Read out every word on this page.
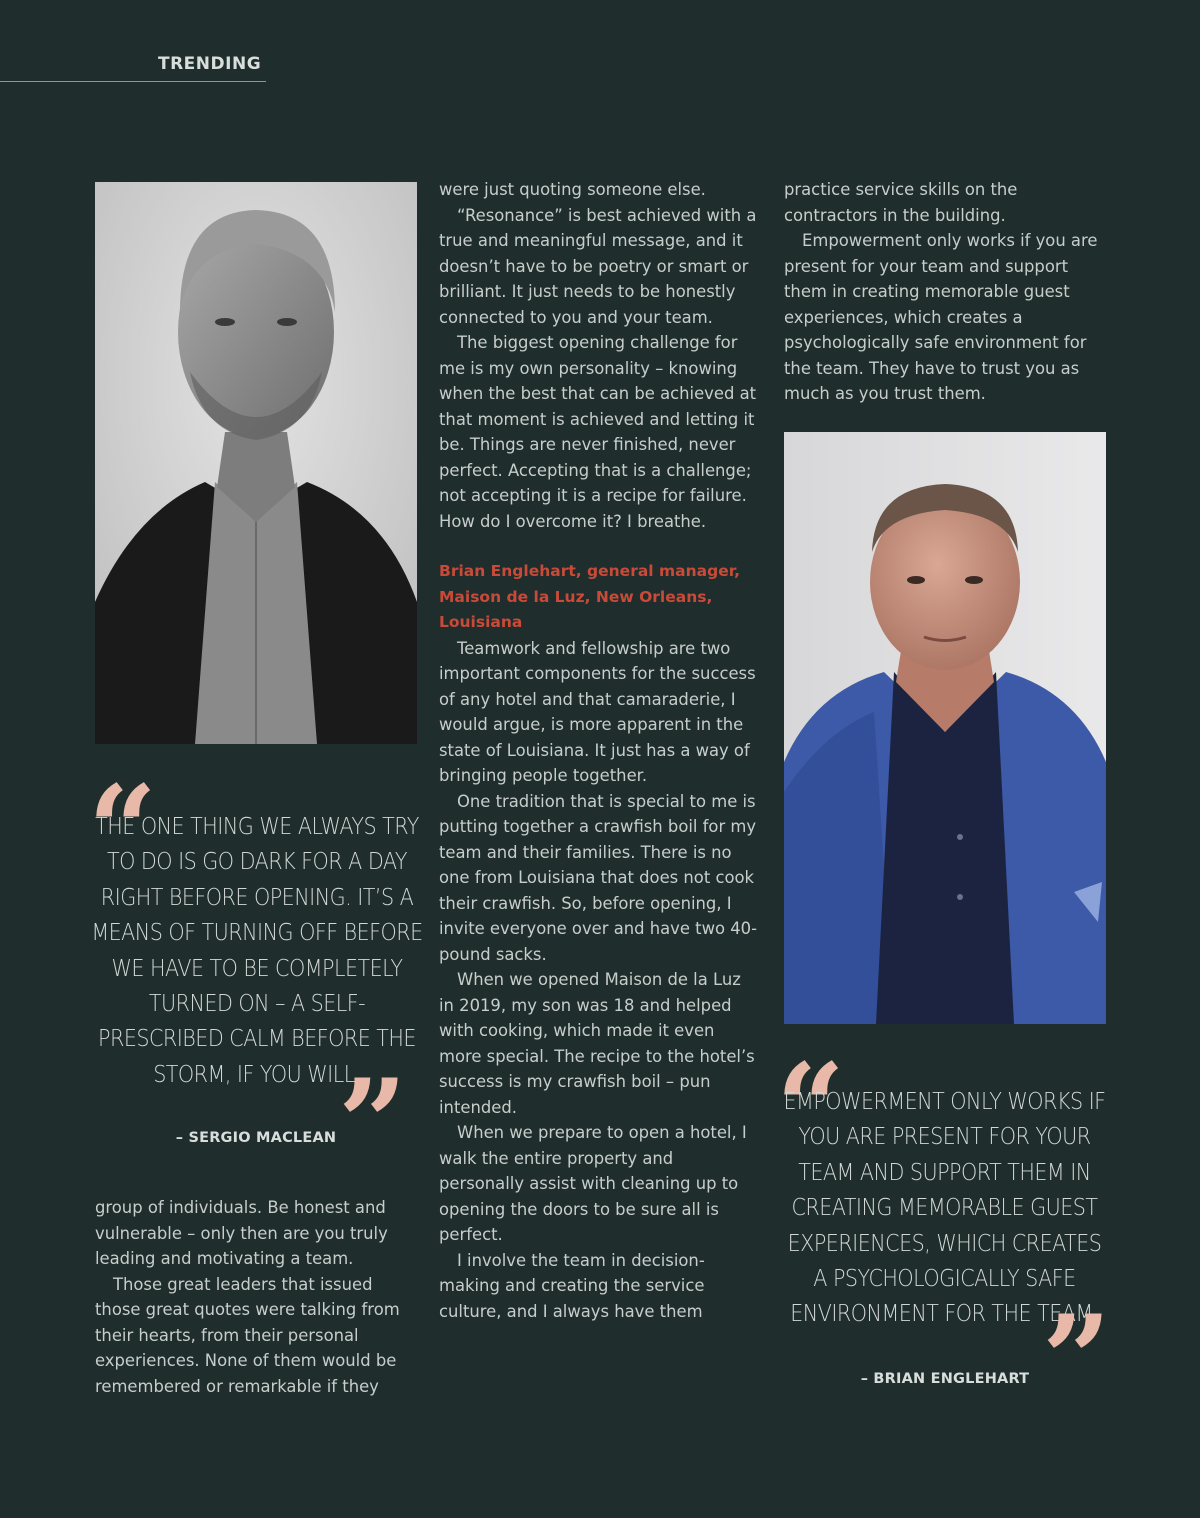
TRENDING

were just quoting someone else.

“Resonance” is best achieved with a true and meaningful message, and it doesn’t have to be poetry or smart or brilliant. It just needs to be honestly connected to you and your team.

The biggest opening challenge for me is my own personality – knowing when the best that can be achieved at that moment is achieved and letting it be. Things are never finished, never perfect. Accepting that is a challenge; not accepting it is a recipe for failure. How do I overcome it? I breathe.

Brian Englehart, general manager, Maison de la Luz, New Orleans, Louisiana

Teamwork and fellowship are two important components for the success of any hotel and that camaraderie, I would argue, is more apparent in the state of Louisiana. It just has a way of bringing people together.

One tradition that is special to me is putting together a crawfish boil for my team and their families. There is no one from Louisiana that does not cook their crawfish. So, before opening, I invite everyone over and have two 40-pound sacks.

When we opened Maison de la Luz in 2019, my son was 18 and helped with cooking, which made it even more special. The recipe to the hotel’s success is my crawfish boil – pun intended.

When we prepare to open a hotel, I walk the entire property and personally assist with cleaning up to opening the doors to be sure all is perfect.

I involve the team in decision-making and creating the service culture, and I always have them

practice service skills on the contractors in the building.

Empowerment only works if you are present for your team and support them in creating memorable guest experiences, which creates a psychologically safe environment for the team. They have to trust you as much as you trust them.

group of individuals. Be honest and vulnerable – only then are you truly leading and motivating a team.

Those great leaders that issued those great quotes were talking from their hearts, from their personal experiences. None of them would be remembered or remarkable if they

“
THE ONE THING WE ALWAYS TRY TO DO IS GO DARK FOR A DAY RIGHT BEFORE OPENING. IT’S A MEANS OF TURNING OFF BEFORE WE HAVE TO BE COMPLETELY TURNED ON – A SELF-PRESCRIBED CALM BEFORE THE STORM, IF YOU WILL.
”
– SERGIO MACLEAN	“
EMPOWERMENT ONLY WORKS IF YOU ARE PRESENT FOR YOUR TEAM AND SUPPORT THEM IN CREATING MEMORABLE GUEST EXPERIENCES, WHICH CREATES A PSYCHOLOGICALLY SAFE ENVIRONMENT FOR THE TEAM.
”
– BRIAN ENGLEHART
